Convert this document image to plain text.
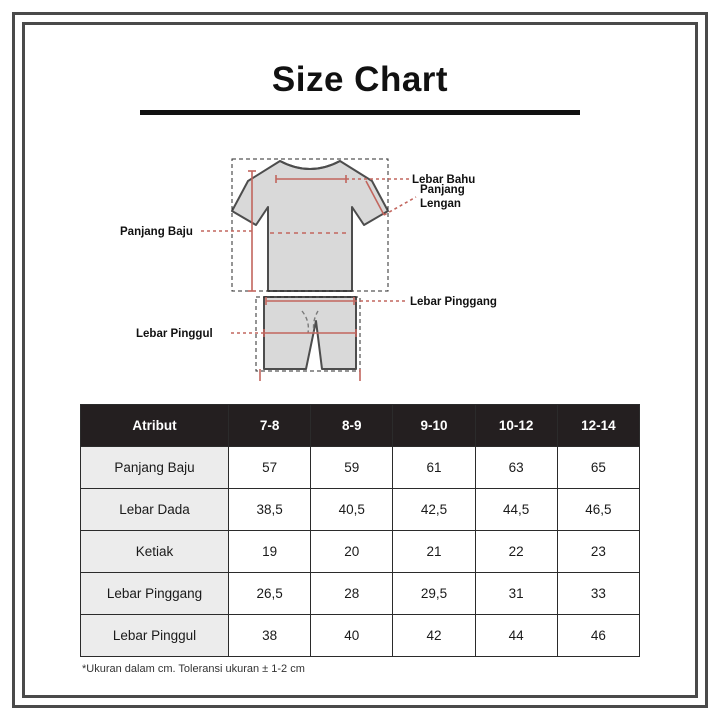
Size Chart
Lebar Bahu
Panjang
Lengan
Panjang Baju
Lebar Pinggang
Lebar Pinggul
Atribut	7-8	8-9	9-10	10-12	12-14
Panjang Baju	57	59	61	63	65
Lebar Dada	38,5	40,5	42,5	44,5	46,5
Ketiak	19	20	21	22	23
Lebar Pinggang	26,5	28	29,5	31	33
Lebar Pinggul	38	40	42	44	46
*Ukuran dalam cm. Toleransi ukuran ± 1-2 cm
